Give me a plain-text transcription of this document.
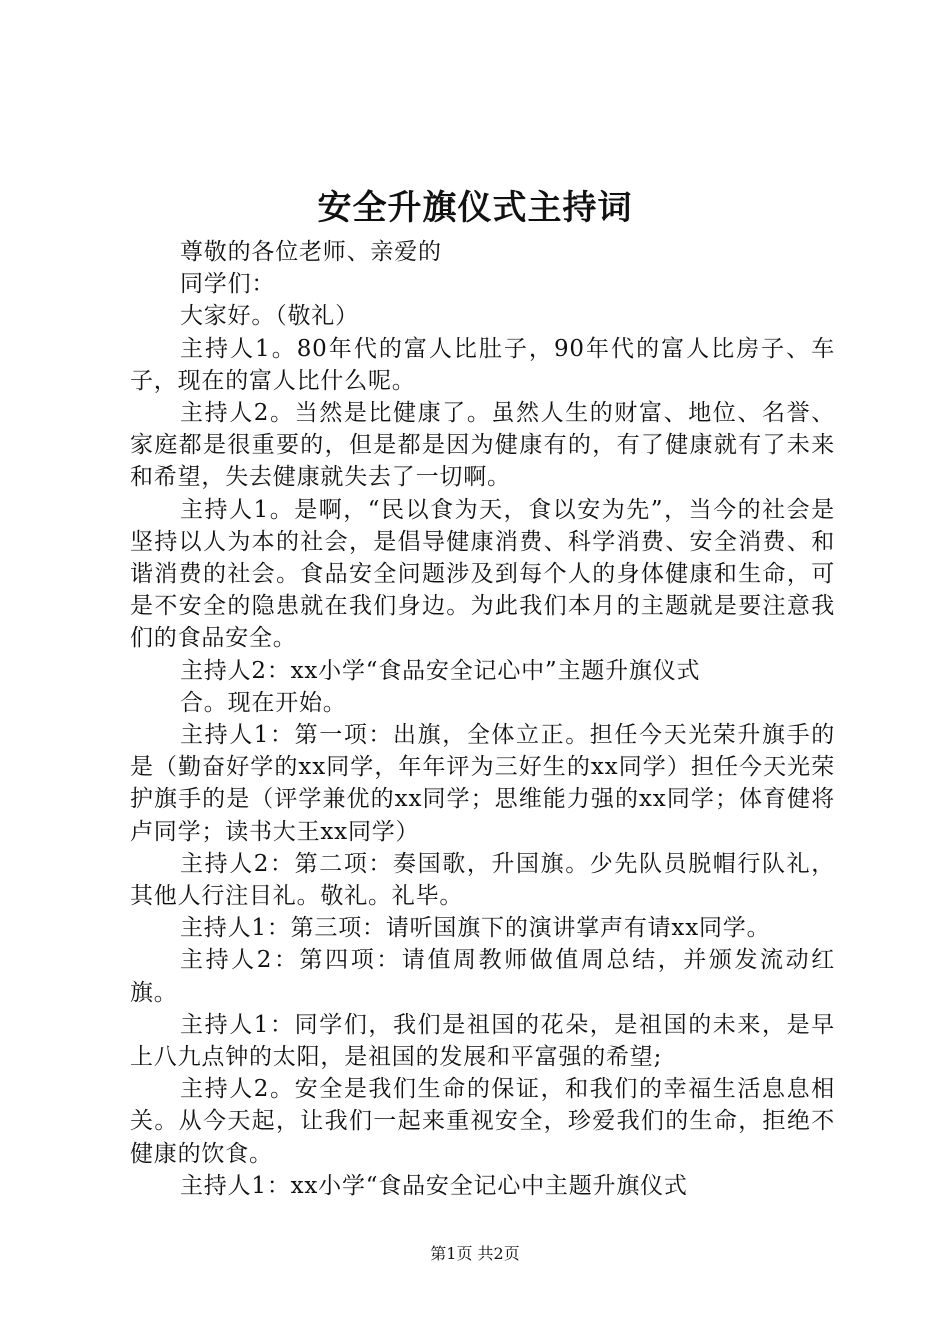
安全升旗仪式主持词

尊敬的各位老师、亲爱的

同学们：

大家好。（敬礼）

主持人1。80年代的富人比肚子，90年代的富人比房子、车子，现在的富人比什么呢。

主持人2。当然是比健康了。虽然人生的财富、地位、名誉、家庭都是很重要的，但是都是因为健康有的，有了健康就有了未来和希望，失去健康就失去了一切啊。

主持人1。是啊，“民以食为天，食以安为先”，当今的社会是坚持以人为本的社会，是倡导健康消费、科学消费、安全消费、和谐消费的社会。食品安全问题涉及到每个人的身体健康和生命，可是不安全的隐患就在我们身边。为此我们本月的主题就是要注意我们的食品安全。

主持人2：xx小学“食品安全记心中”主题升旗仪式

合。现在开始。

主持人1：第一项：出旗，全体立正。担任今天光荣升旗手的是（勤奋好学的xx同学，年年评为三好生的xx同学）担任今天光荣护旗手的是（评学兼优的xx同学；思维能力强的xx同学；体育健将卢同学；读书大王xx同学）

主持人2：第二项：奏国歌，升国旗。少先队员脱帽行队礼，其他人行注目礼。敬礼。礼毕。

主持人1：第三项：请听国旗下的演讲掌声有请xx同学。

主持人2：第四项：请值周教师做值周总结，并颁发流动红旗。

主持人1：同学们，我们是祖国的花朵，是祖国的未来，是早上八九点钟的太阳，是祖国的发展和平富强的希望;

主持人2。安全是我们生命的保证，和我们的幸福生活息息相关。从今天起，让我们一起来重视安全，珍爱我们的生命，拒绝不健康的饮食。

主持人1：xx小学“食品安全记心中主题升旗仪式

第1页 共2页
